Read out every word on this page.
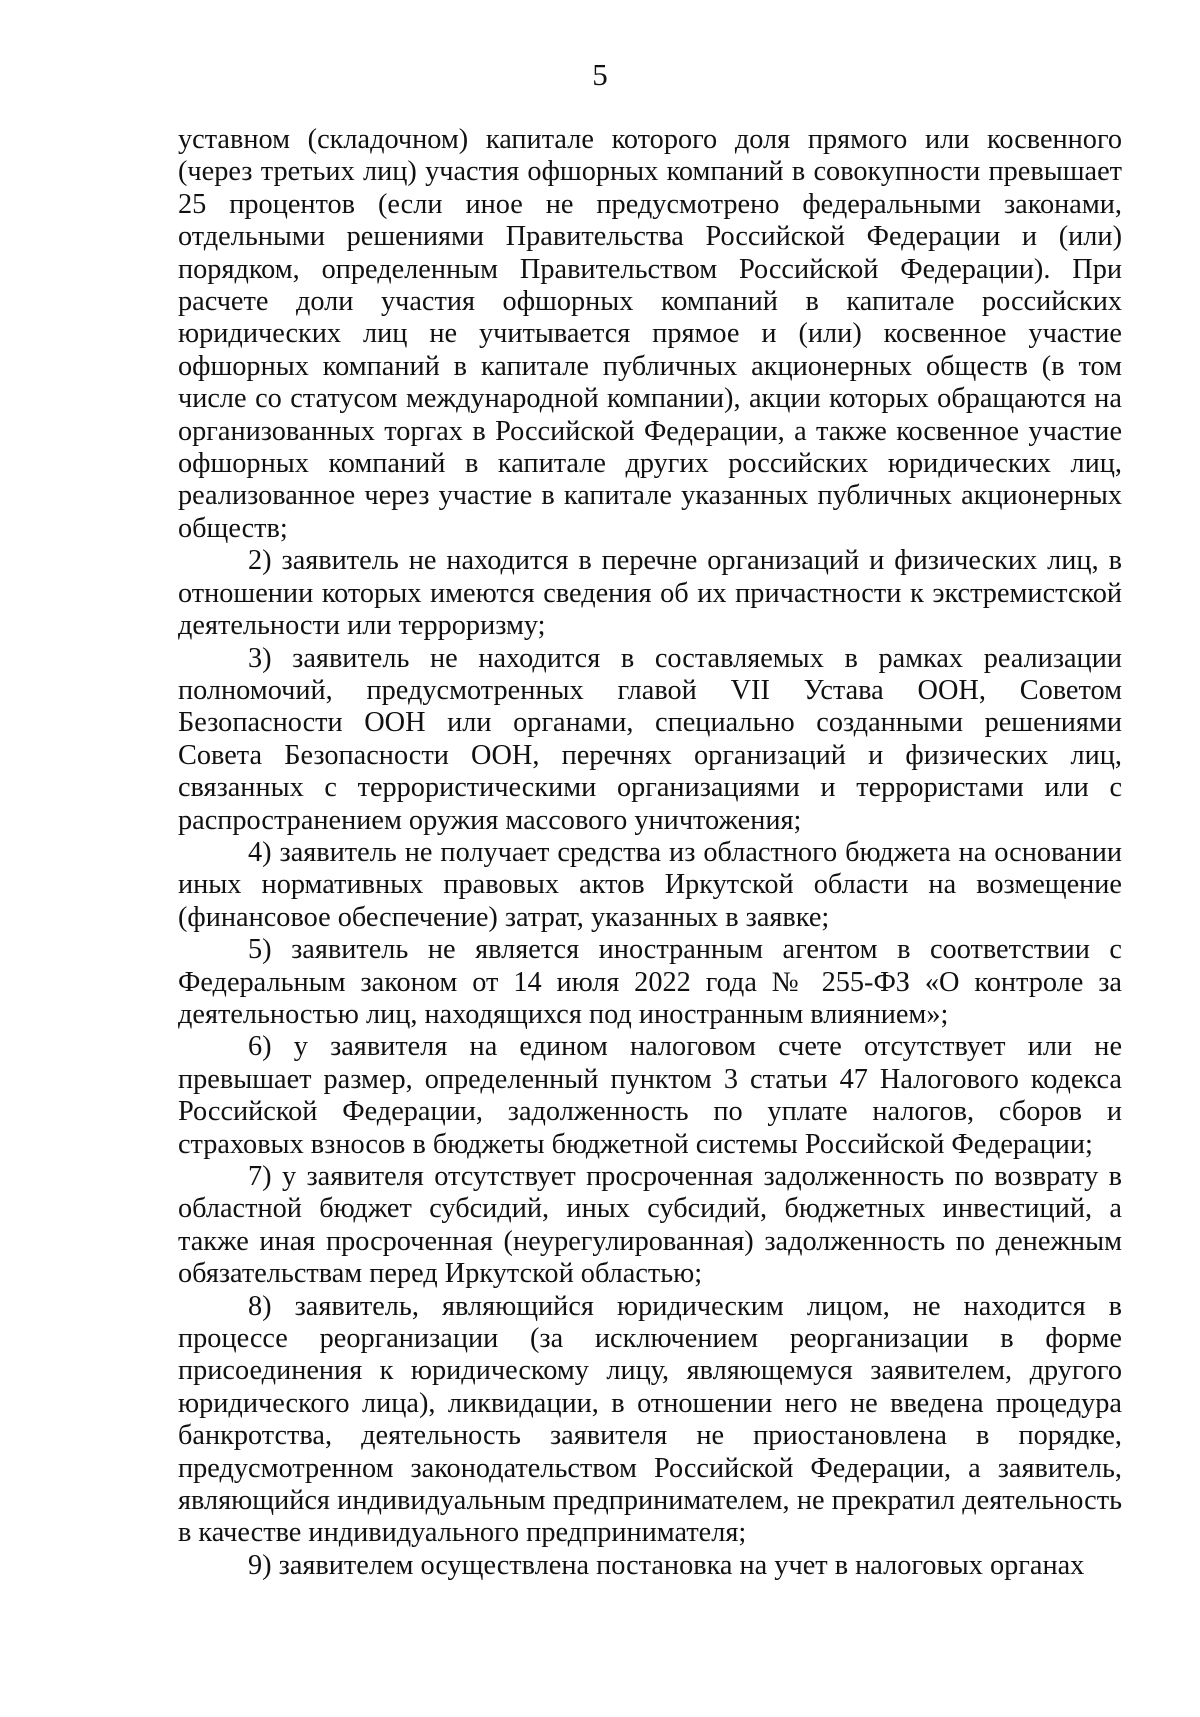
5

уставном (складочном) капитале которого доля прямого или косвенного (через третьих лиц) участия офшорных компаний в совокупности превышает 25 процентов (если иное не предусмотрено федеральными законами, отдельными решениями Правительства Российской Федерации и (или) порядком, определенным Правительством Российской Федерации). При расчете доли участия офшорных компаний в капитале российских юридических лиц не учитывается прямое и (или) косвенное участие офшорных компаний в капитале публичных акционерных обществ (в том числе со статусом международной компании), акции которых обращаются на организованных торгах в Российской Федерации, а также косвенное участие офшорных компаний в капитале других российских юридических лиц, реализованное через участие в капитале указанных публичных акционерных обществ;

2) заявитель не находится в перечне организаций и физических лиц, в отношении которых имеются сведения об их причастности к экстремистской деятельности или терроризму;

3) заявитель не находится в составляемых в рамках реализации полномочий, предусмотренных главой VII Устава ООН, Советом Безопасности ООН или органами, специально созданными решениями Совета Безопасности ООН, перечнях организаций и физических лиц, связанных с террористическими организациями и террористами или с распространением оружия массового уничтожения;

4) заявитель не получает средства из областного бюджета на основании иных нормативных правовых актов Иркутской области на возмещение (финансовое обеспечение) затрат, указанных в заявке;

5) заявитель не является иностранным агентом в соответствии с Федеральным законом от 14 июля 2022 года № 255-ФЗ «О контроле за деятельностью лиц, находящихся под иностранным влиянием»;

6) у заявителя на едином налоговом счете отсутствует или не превышает размер, определенный пунктом 3 статьи 47 Налогового кодекса Российской Федерации, задолженность по уплате налогов, сборов и страховых взносов в бюджеты бюджетной системы Российской Федерации;

7) у заявителя отсутствует просроченная задолженность по возврату в областной бюджет субсидий, иных субсидий, бюджетных инвестиций, а также иная просроченная (неурегулированная) задолженность по денежным обязательствам перед Иркутской областью;

8) заявитель, являющийся юридическим лицом, не находится в процессе реорганизации (за исключением реорганизации в форме присоединения к юридическому лицу, являющемуся заявителем, другого юридического лица), ликвидации, в отношении него не введена процедура банкротства, деятельность заявителя не приостановлена в порядке, предусмотренном законодательством Российской Федерации, а заявитель, являющийся индивидуальным предпринимателем, не прекратил деятельность в качестве индивидуального предпринимателя;

9) заявителем осуществлена постановка на учет в налоговых органах
